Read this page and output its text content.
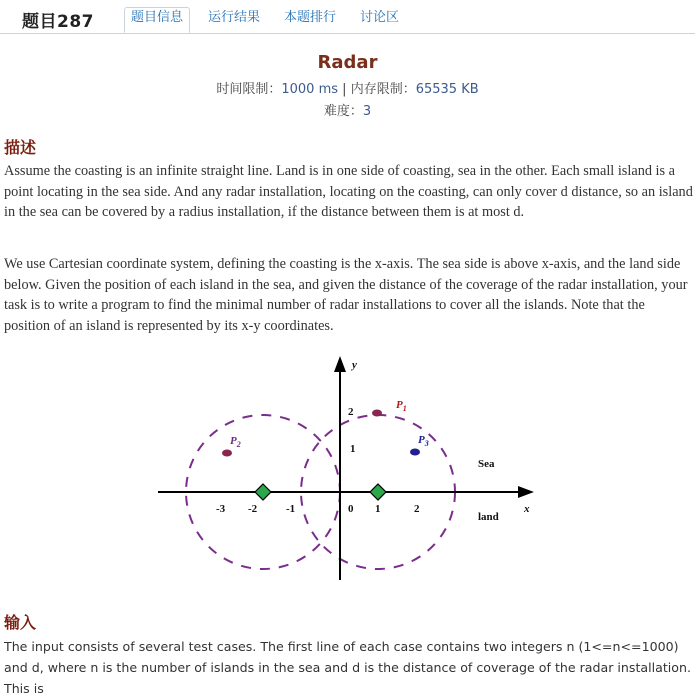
题目287	题目信息	运行结果	本题排行	讨论区
Radar
时间限制：1000 ms | 内存限制：65535 KB
难度：3
描述
Assume the coasting is an infinite straight line. Land is in one side of coasting, sea in the other. Each small island is a point locating in the sea side. And any radar installation, locating on the coasting, can only cover d distance, so an island in the sea can be covered by a radius installation, if the distance between them is at most d.
We use Cartesian coordinate system, defining the coasting is the x-axis. The sea side is above x-axis, and the land side below. Given the position of each island in the sea, and given the distance of the coverage of the radar installation, your task is to write a program to find the minimal number of radar installations to cover all the islands. Note that the position of an island is represented by its x-y coordinates.
x
y
-3 -2	-1	0 1	2
1
2
$P_1$
$P_2$	$P_3$
Sea
land
输入
The input consists of several test cases. The first line of each case contains two integers n (1<=n<=1000) and d, where n is the number of islands in the sea and d is the distance of coverage of the radar installation. This is
